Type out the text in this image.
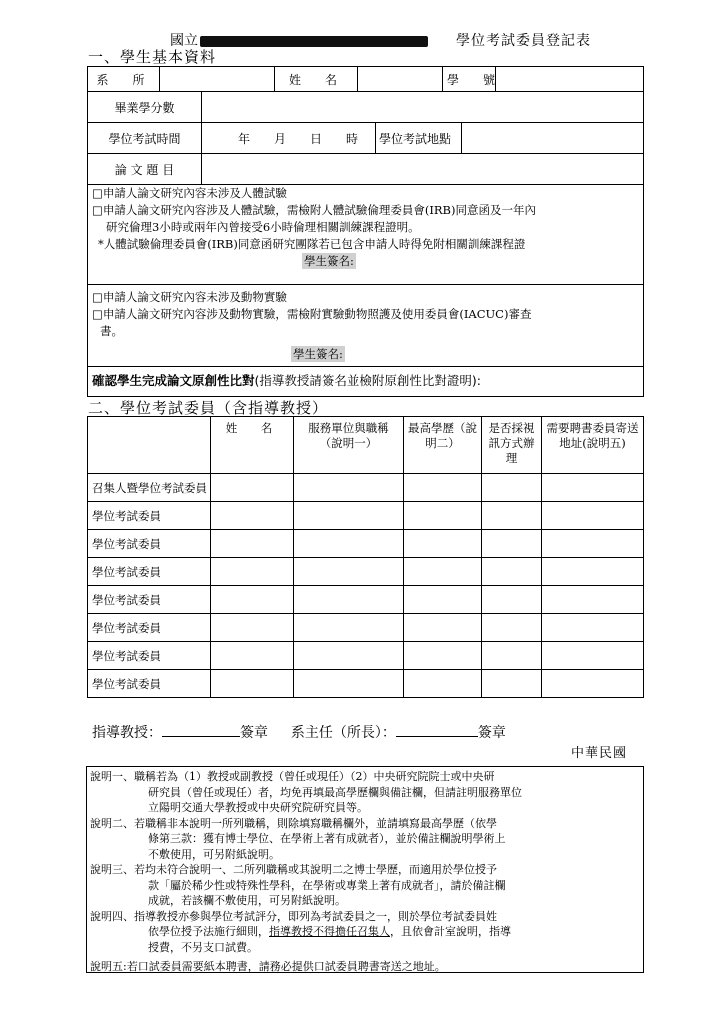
國立	學位考試委員登記表
一、學生基本資料
系　所		姓　名		學　號	
畢業學分數			
學位考試時間	年 月 日 時	學位考試地點	
論 文 題 目			
□申請人論文研究內容未涉及人體試驗
□申請人論文研究內容涉及人體試驗，需檢附人體試驗倫理委員會(IRB)同意函及一年內
研究倫理3小時或兩年內曾接受6小時倫理相關訓練課程證明。
*人體試驗倫理委員會(IRB)同意函研究團隊若已包含申請人時得免附相關訓練課程證
學生簽名:
□申請人論文研究內容未涉及動物實驗
□申請人論文研究內容涉及動物實驗，需檢附實驗動物照護及使用委員會(IACUC)審查
書。
學生簽名:
確認學生完成論文原創性比對(指導教授請簽名並檢附原創性比對證明):
二、學位考試委員（含指導教授）
	姓　名	服務單位與職稱（說明一）	最高學歷（說明二）	是否採視訊方式辦理	需要聘書委員寄送地址(說明五)
召集人暨學位考試委員					
學位考試委員					
學位考試委員					
學位考試委員					
學位考試委員					
學位考試委員					
學位考試委員					
學位考試委員					
指導教授：	簽章 系主任（所長）：	簽章
中華民國
說明一、職稱若為（1）教授或副教授（曾任或現任）（2）中央研究院院士或中央研
研究員（曾任或現任）者，均免再填最高學歷欄與備註欄，但請註明服務單位
立陽明交通大學教授或中央研究院研究員等。
說明二、若職稱非本說明一所列職稱，則除填寫職稱欄外，並請填寫最高學歷（依學
條第三款：獲有博士學位、在學術上著有成就者），並於備註欄說明學術上
不敷使用，可另附紙說明。
說明三、若均未符合說明一、二所列職稱或其說明二之博士學歷，而適用於學位授予
款「屬於稀少性或特殊性學科，在學術或專業上著有成就者」，請於備註欄
成就，若該欄不敷使用，可另附紙說明。
說明四、指導教授亦參與學位考試評分，即列為考試委員之一，則於學位考試委員姓
依學位授予法施行細則，指導教授不得擔任召集人，且依會計室說明，指導
授費，不另支口試費。
說明五:若口試委員需要紙本聘書，請務必提供口試委員聘書寄送之地址。
